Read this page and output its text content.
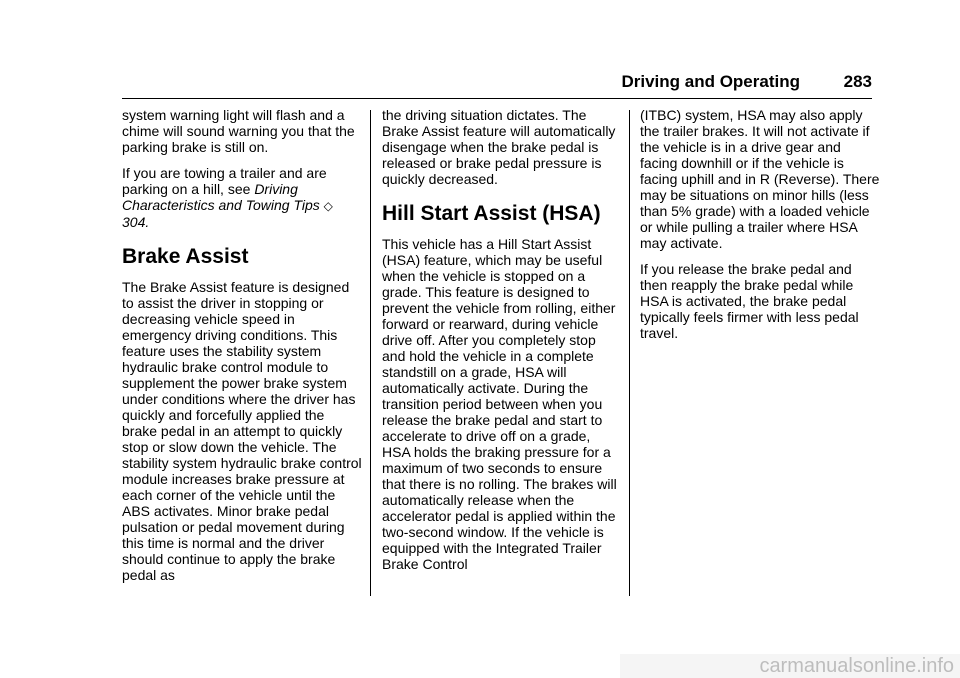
Driving and Operating	283

system warning light will flash and a chime will sound warning you that the parking brake is still on.

If you are towing a trailer and are parking on a hill, see Driving Characteristics and Towing Tips ◇ 304.

Brake Assist

The Brake Assist feature is designed to assist the driver in stopping or decreasing vehicle speed in emergency driving conditions. This feature uses the stability system hydraulic brake control module to supplement the power brake system under conditions where the driver has quickly and forcefully applied the brake pedal in an attempt to quickly stop or slow down the vehicle. The stability system hydraulic brake control module increases brake pressure at each corner of the vehicle until the ABS activates. Minor brake pedal pulsation or pedal movement during this time is normal and the driver should continue to apply the brake pedal as

the driving situation dictates. The Brake Assist feature will automatically disengage when the brake pedal is released or brake pedal pressure is quickly decreased.

Hill Start Assist (HSA)

This vehicle has a Hill Start Assist (HSA) feature, which may be useful when the vehicle is stopped on a grade. This feature is designed to prevent the vehicle from rolling, either forward or rearward, during vehicle drive off. After you completely stop and hold the vehicle in a complete standstill on a grade, HSA will automatically activate. During the transition period between when you release the brake pedal and start to accelerate to drive off on a grade, HSA holds the braking pressure for a maximum of two seconds to ensure that there is no rolling. The brakes will automatically release when the accelerator pedal is applied within the two-second window. If the vehicle is equipped with the Integrated Trailer Brake Control

(ITBC) system, HSA may also apply the trailer brakes. It will not activate if the vehicle is in a drive gear and facing downhill or if the vehicle is facing uphill and in R (Reverse). There may be situations on minor hills (less than 5% grade) with a loaded vehicle or while pulling a trailer where HSA may activate.

If you release the brake pedal and then reapply the brake pedal while HSA is activated, the brake pedal typically feels firmer with less pedal travel.

carmanualsonline.info
